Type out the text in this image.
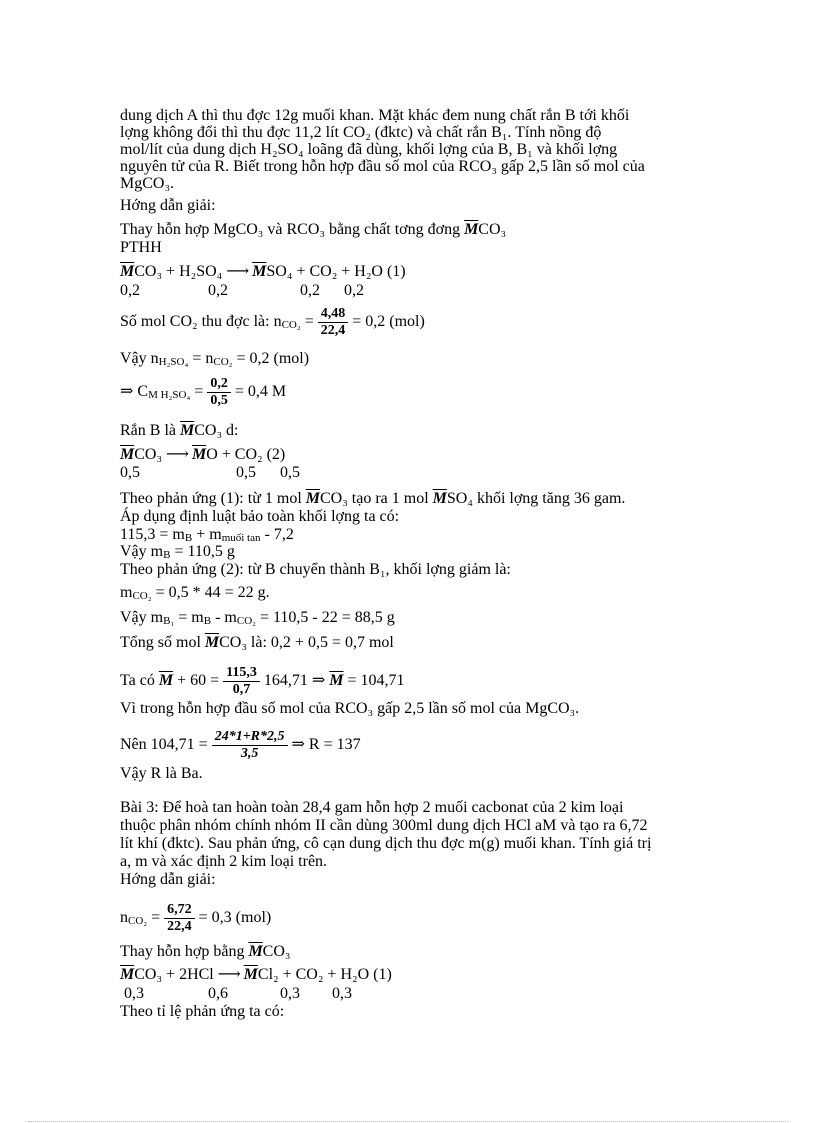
dung dịch A thì thu đợc 12g muối khan. Mặt khác đem nung chất rắn B tới khối
lợng không đổi thì thu đợc 11,2 lít CO₂ (đktc) và chất rắn B₁. Tính nồng độ
mol/lít của dung dịch H₂SO₄ loãng đã dùng, khối lợng của B, B₁ và khối lợng
nguyên tử của R. Biết trong hỗn hợp đầu số mol của RCO₃ gấp 2,5 lần số mol của
MgCO₃.
Hớng dẫn giải:
Thay hỗn hợp MgCO₃ và RCO₃ bằng chất tơng đơng $\overline{M}CO_3$
PTHH
$\overline{M}CO_3 + H_2SO_4$ ⟶ $\overline{M}SO_4 + CO_2 + H_2O$ (1)
0,2                 0,2                  0,2      0,2
Số mol CO₂ thu đợc là: $n_{CO_2} = \frac{4,48}{22,4} = 0,2$ (mol)
Vậy $n_{H_2SO_4} = n_{CO_2} = 0,2$ (mol)
⇒ $C_{M H_2SO_4} = \frac{0,2}{0,5} = 0,4$ M
Rắn B là $\overline{M}CO_3$ d:
$\overline{M}CO_3$ ⟶ $\overline{M}O + CO_2$ (2)
0,5                        0,5      0,5
Theo phản ứng (1): từ 1 mol $\overline{M}CO_3$ tạo ra 1 mol $\overline{M}SO_4$ khối lợng tăng 36 gam.
Áp dụng định luật bảo toàn khối lợng ta có:
$115,3 = m_B + m_{muối tan} - 7,2$
Vậy $m_B = 110,5$ g
Theo phản ứng (2): từ B chuyển thành B₁, khối lợng giảm là:
$m_{CO_2} = 0,5 * 44 = 22$ g.
Vậy $m_{B_1} = m_B - m_{CO_2} = 110,5 - 22 = 88,5$ g
Tổng số mol $\overline{M}CO_3$ là: 0,2 + 0,5 = 0,7 mol
Ta có $\overline{M} + 60 = \frac{115,3}{0,7} 164,71$ ⇒ $\overline{M} = 104,71$
Vì trong hỗn hợp đầu số mol của RCO₃ gấp 2,5 lần số mol của MgCO₃.
Nên $104,71 = \frac{24*1+R*2,5}{3,5}$ ⇒ R = 137
Vậy R là Ba.
Bài 3: Để hoà tan hoàn toàn 28,4 gam hỗn hợp 2 muối cacbonat của 2 kim loại
thuộc phân nhóm chính nhóm II cần dùng 300ml dung dịch HCl aM và tạo ra 6,72
lít khí (đktc). Sau phản ứng, cô cạn dung dịch thu đợc m(g) muối khan. Tính giá trị
a, m và xác định 2 kim loại trên.
Hớng dẫn giải:
$n_{CO_2} = \frac{6,72}{22,4} = 0,3$ (mol)
Thay hỗn hợp bằng $\overline{M}CO_3$
$\overline{M}CO_3 + 2HCl$ ⟶ $\overline{M}Cl_2 + CO_2 + H_2O$ (1)
0,3                0,6             0,3        0,3
Theo tỉ lệ phản ứng ta có:
